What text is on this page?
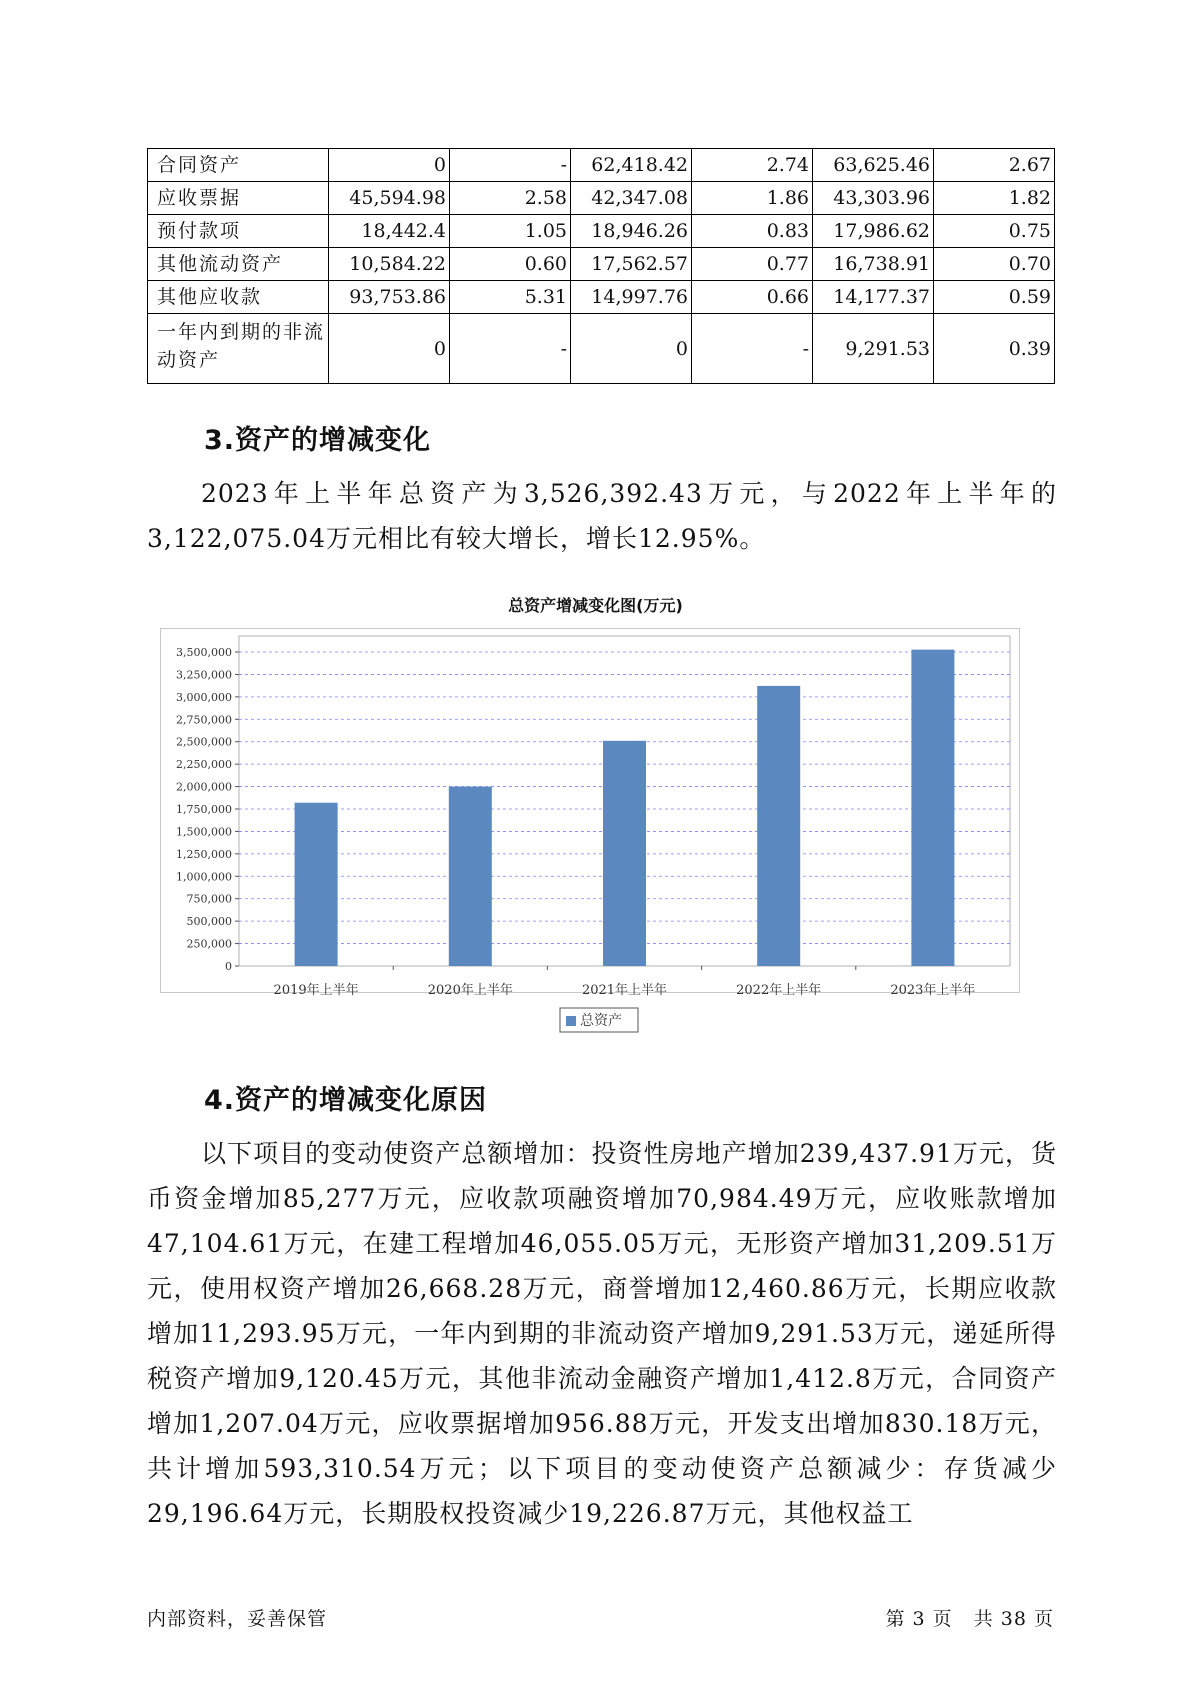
合同资产	0	-	62,418.42	2.74	63,625.46	2.67
应收票据	45,594.98	2.58	42,347.08	1.86	43,303.96	1.82
预付款项	18,442.4	1.05	18,946.26	0.83	17,986.62	0.75
其他流动资产	10,584.22	0.60	17,562.57	0.77	16,738.91	0.70
其他应收款	93,753.86	5.31	14,997.76	0.66	14,177.37	0.59
一年内到期的非流动资产	0	-	0	-	9,291.53	0.39
3.资产的增减变化

2023年上半年总资产为3,526,392.43万元，与2022年上半年的3,122,075.04万元相比有较大增长，增长12.95%。

总资产增减变化图(万元)
0
250,000
500,000
750,000
1,000,000
1,250,000
1,500,000
1,750,000
2,000,000
2,250,000
2,500,000
2,750,000
3,000,000
3,250,000
3,500,000
2019年上半年	2020年上半年	2021年上半年	2022年上半年	2023年上半年
总资产
4.资产的增减变化原因

以下项目的变动使资产总额增加：投资性房地产增加239,437.91万元，货币资金增加85,277万元，应收款项融资增加70,984.49万元，应收账款增加47,104.61万元，在建工程增加46,055.05万元，无形资产增加31,209.51万元，使用权资产增加26,668.28万元，商誉增加12,460.86万元，长期应收款增加11,293.95万元，一年内到期的非流动资产增加9,291.53万元，递延所得税资产增加9,120.45万元，其他非流动金融资产增加1,412.8万元，合同资产增加1,207.04万元，应收票据增加956.88万元，开发支出增加830.18万元，共计增加593,310.54万元；以下项目的变动使资产总额减少：存货减少29,196.64万元，长期股权投资减少19,226.87万元，其他权益工

内部资料，妥善保管	第 3 页   共 38 页
